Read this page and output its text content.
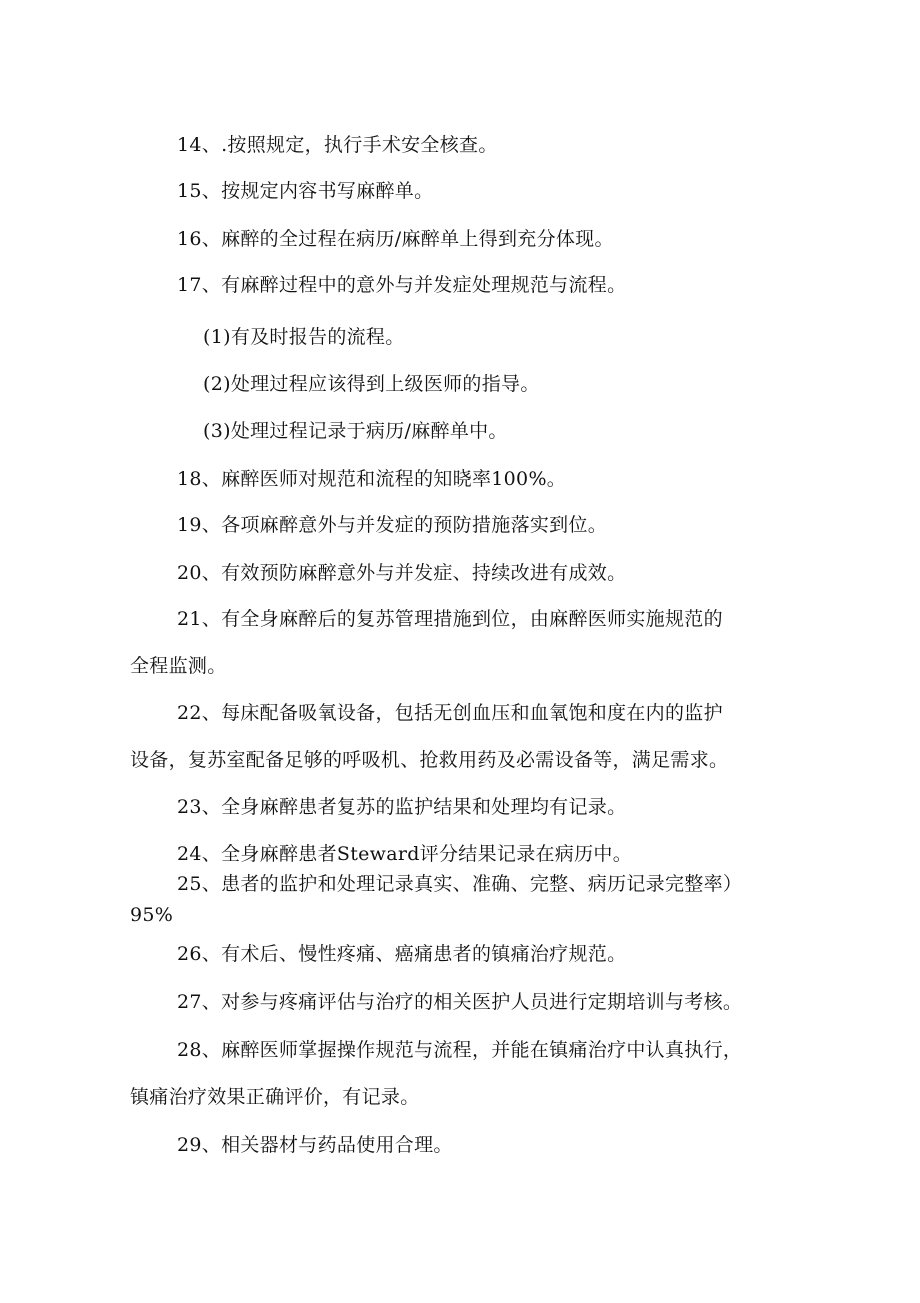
14、.按照规定，执行手术安全核查。
15、按规定内容书写麻醉单。
16、麻醉的全过程在病历/麻醉单上得到充分体现。
17、有麻醉过程中的意外与并发症处理规范与流程。
(1)有及时报告的流程。
(2)处理过程应该得到上级医师的指导。
(3)处理过程记录于病历/麻醉单中。
18、麻醉医师对规范和流程的知晓率100%。
19、各项麻醉意外与并发症的预防措施落实到位。
20、有效预防麻醉意外与并发症、持续改进有成效。
21、有全身麻醉后的复苏管理措施到位，由麻醉医师实施规范的
全程监测。
22、每床配备吸氧设备，包括无创血压和血氧饱和度在内的监护
设备，复苏室配备足够的呼吸机、抢救用药及必需设备等，满足需求。
23、全身麻醉患者复苏的监护结果和处理均有记录。
24、全身麻醉患者Steward评分结果记录在病历中。
25、患者的监护和处理记录真实、准确、完整、病历记录完整率）
95%
26、有术后、慢性疼痛、癌痛患者的镇痛治疗规范。
27、对参与疼痛评估与治疗的相关医护人员进行定期培训与考核。
28、麻醉医师掌握操作规范与流程，并能在镇痛治疗中认真执行，
镇痛治疗效果正确评价，有记录。
29、相关器材与药品使用合理。
